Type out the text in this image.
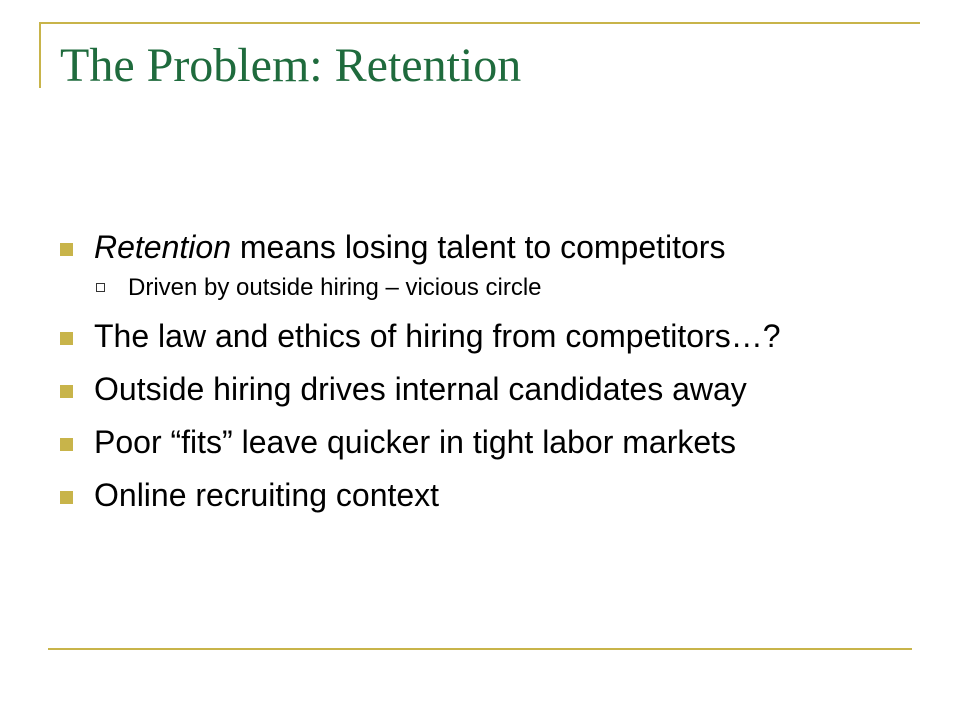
The Problem: Retention
Retention means losing talent to competitors
Driven by outside hiring – vicious circle
The law and ethics of hiring from competitors…?
Outside hiring drives internal candidates away
Poor “fits” leave quicker in tight labor markets
Online recruiting context
